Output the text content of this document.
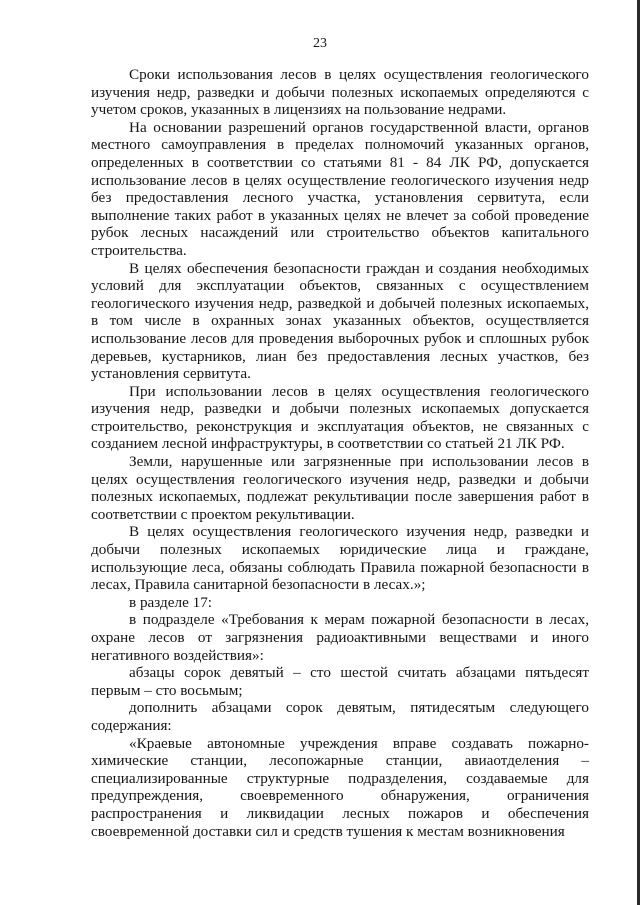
23

Сроки использования лесов в целях осуществления геологического изучения недр, разведки и добычи полезных ископаемых определяются с учетом сроков, указанных в лицензиях на пользование недрами.

На основании разрешений органов государственной власти, органов местного самоуправления в пределах полномочий указанных органов, определенных в соответствии со статьями 81 - 84 ЛК РФ, допускается использование лесов в целях осуществление геологического изучения недр без предоставления лесного участка, установления сервитута, если выполнение таких работ в указанных целях не влечет за собой проведение рубок лесных насаждений или строительство объектов капитального строительства.

В целях обеспечения безопасности граждан и создания необходимых условий для эксплуатации объектов, связанных с осуществлением геологического изучения недр, разведкой и добычей полезных ископаемых, в том числе в охранных зонах указанных объектов, осуществляется использование лесов для проведения выборочных рубок и сплошных рубок деревьев, кустарников, лиан без предоставления лесных участков, без установления сервитута.

При использовании лесов в целях осуществления геологического изучения недр, разведки и добычи полезных ископаемых допускается строительство, реконструкция и эксплуатация объектов, не связанных с созданием лесной инфраструктуры, в соответствии со статьей 21 ЛК РФ.

Земли, нарушенные или загрязненные при использовании лесов в целях осуществления геологического изучения недр, разведки и добычи полезных ископаемых, подлежат рекультивации после завершения работ в соответствии с проектом рекультивации.

В целях осуществления геологического изучения недр, разведки и добычи полезных ископаемых юридические лица и граждане, использующие леса, обязаны соблюдать Правила пожарной безопасности в лесах, Правила санитарной безопасности в лесах.»;

в разделе 17:

в подразделе «Требования к мерам пожарной безопасности в лесах, охране лесов от загрязнения радиоактивными веществами и иного негативного воздействия»:

абзацы сорок девятый – сто шестой считать абзацами пятьдесят первым – сто восьмым;

дополнить абзацами сорок девятым, пятидесятым следующего содержания:

«Краевые автономные учреждения вправе создавать пожарно-химические станции, лесопожарные станции, авиаотделения – специализированные структурные подразделения, создаваемые для предупреждения, своевременного обнаружения, ограничения распространения и ликвидации лесных пожаров и обеспечения своевременной доставки сил и средств тушения к местам возникновения
